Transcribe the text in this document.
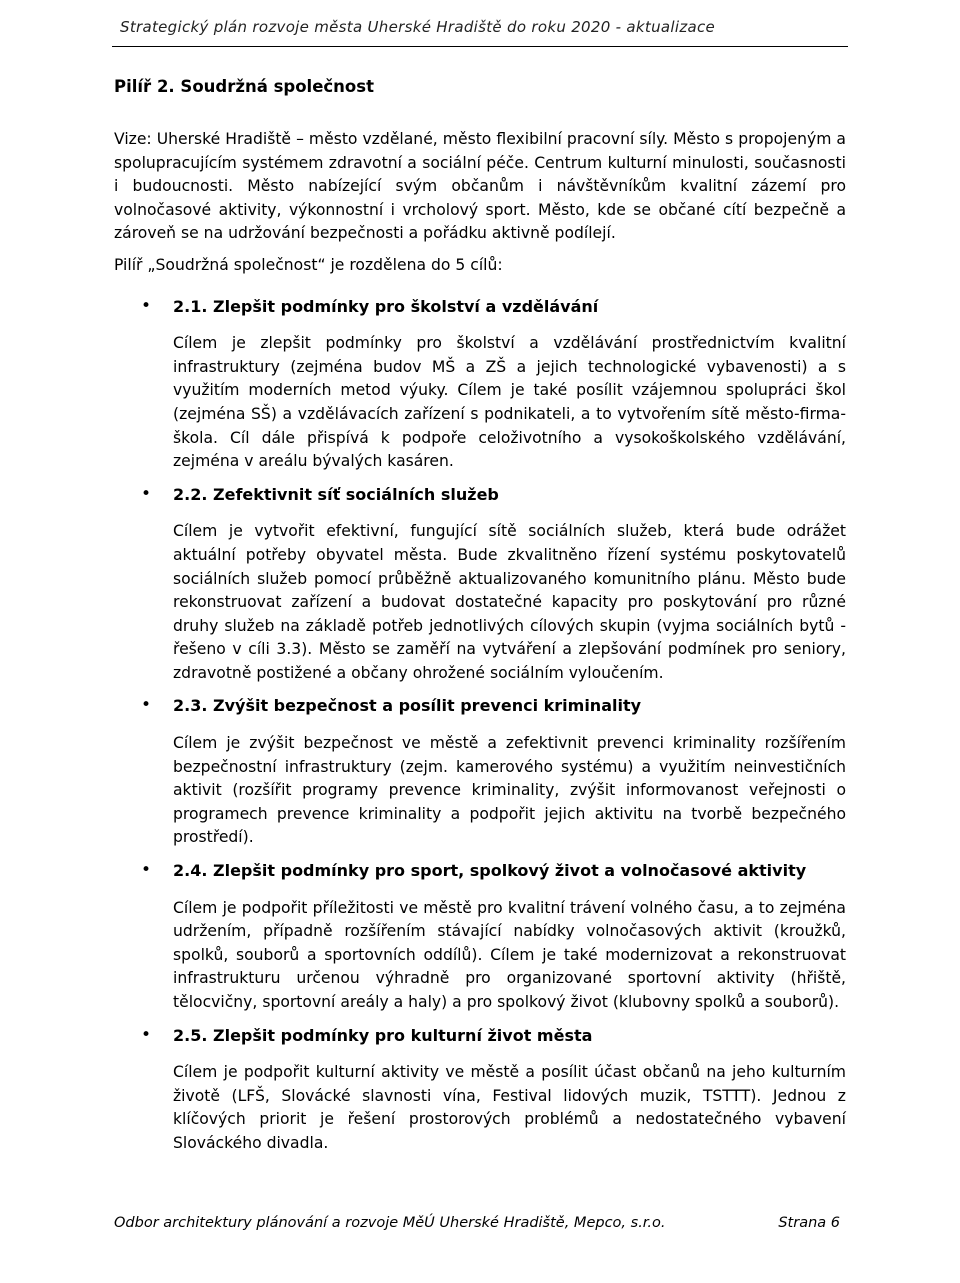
Strategický plán rozvoje města Uherské Hradiště do roku 2020 - aktualizace
Pilíř 2. Soudržná společnost

Vize: Uherské Hradiště – město vzdělané, město flexibilní pracovní síly. Město s propojeným a spolupracujícím systémem zdravotní a sociální péče. Centrum kulturní minulosti, současnosti i budoucnosti. Město nabízející svým občanům i návštěvníkům kvalitní zázemí pro volnočasové aktivity, výkonnostní i vrcholový sport. Město, kde se občané cítí bezpečně a zároveň se na udržování bezpečnosti a pořádku aktivně podílejí.

Pilíř „Soudržná společnost“ je rozdělena do 5 cílů:

• 2.1. Zlepšit podmínky pro školství a vzdělávání

Cílem je zlepšit podmínky pro školství a vzdělávání prostřednictvím kvalitní infrastruktury (zejména budov MŠ a ZŠ a jejich technologické vybavenosti) a s využitím moderních metod výuky. Cílem je také posílit vzájemnou spolupráci škol (zejména SŠ) a vzdělávacích zařízení s podnikateli, a to vytvořením sítě město-firma-škola. Cíl dále přispívá k podpoře celoživotního a vysokoškolského vzdělávání, zejména v areálu bývalých kasáren.

• 2.2. Zefektivnit síť sociálních služeb

Cílem je vytvořit efektivní, fungující sítě sociálních služeb, která bude odrážet aktuální potřeby obyvatel města. Bude zkvalitněno řízení systému poskytovatelů sociálních služeb pomocí průběžně aktualizovaného komunitního plánu. Město bude rekonstruovat zařízení a budovat dostatečné kapacity pro poskytování pro různé druhy služeb na základě potřeb jednotlivých cílových skupin (vyjma sociálních bytů - řešeno v cíli 3.3). Město se zaměří na vytváření a zlepšování podmínek pro seniory, zdravotně postižené a občany ohrožené sociálním vyloučením.

• 2.3. Zvýšit bezpečnost a posílit prevenci kriminality

Cílem je zvýšit bezpečnost ve městě a zefektivnit prevenci kriminality rozšířením bezpečnostní infrastruktury (zejm. kamerového systému) a využitím neinvestičních aktivit (rozšířit programy prevence kriminality, zvýšit informovanost veřejnosti o programech prevence kriminality a podpořit jejich aktivitu na tvorbě bezpečného prostředí).

• 2.4. Zlepšit podmínky pro sport, spolkový život a volnočasové aktivity

Cílem je podpořit příležitosti ve městě pro kvalitní trávení volného času, a to zejména udržením, případně rozšířením stávající nabídky volnočasových aktivit (kroužků, spolků, souborů a sportovních oddílů). Cílem je také modernizovat a rekonstruovat infrastrukturu určenou výhradně pro organizované sportovní aktivity (hřiště, tělocvičny, sportovní areály a haly) a pro spolkový život (klubovny spolků a souborů).

• 2.5. Zlepšit podmínky pro kulturní život města

Cílem je podpořit kulturní aktivity ve městě a posílit účast občanů na jeho kulturním životě (LFŠ, Slovácké slavnosti vína, Festival lidových muzik, TSTTT). Jednou z klíčových priorit je řešení prostorových problémů a nedostatečného vybavení Slováckého divadla.

Odbor architektury plánování a rozvoje MěÚ Uherské Hradiště, Mepco, s.r.o.	Strana 6
